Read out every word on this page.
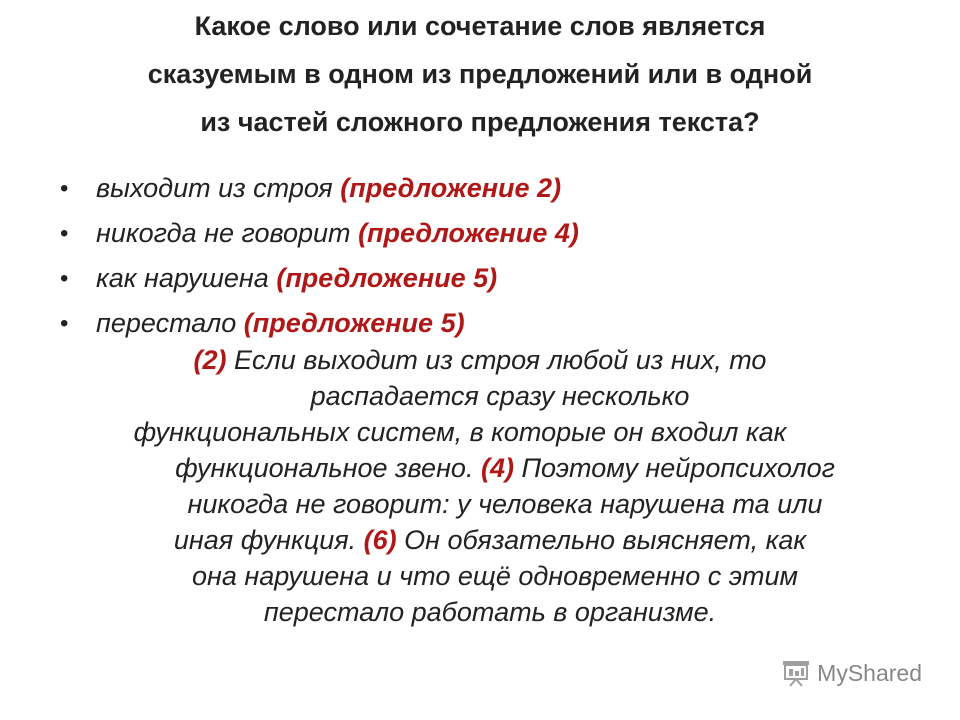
Какое слово или сочетание слов является
сказуемым в одном из предложений или в одной
из частей сложного предложения текста?
• выходит из строя (предложение 2)
• никогда не говорит (предложение 4)
• как нарушена (предложение 5)
• перестало (предложение 5)
(2) Если выходит из строя любой из них, то
распадается сразу несколько
функциональных систем, в которые он входил как
функциональное звено. (4) Поэтому нейропсихолог
никогда не говорит: у человека нарушена та или
иная функция. (6) Он обязательно выясняет, как
она нарушена и что ещё одновременно с этим
перестало работать в организме.
MyShared
